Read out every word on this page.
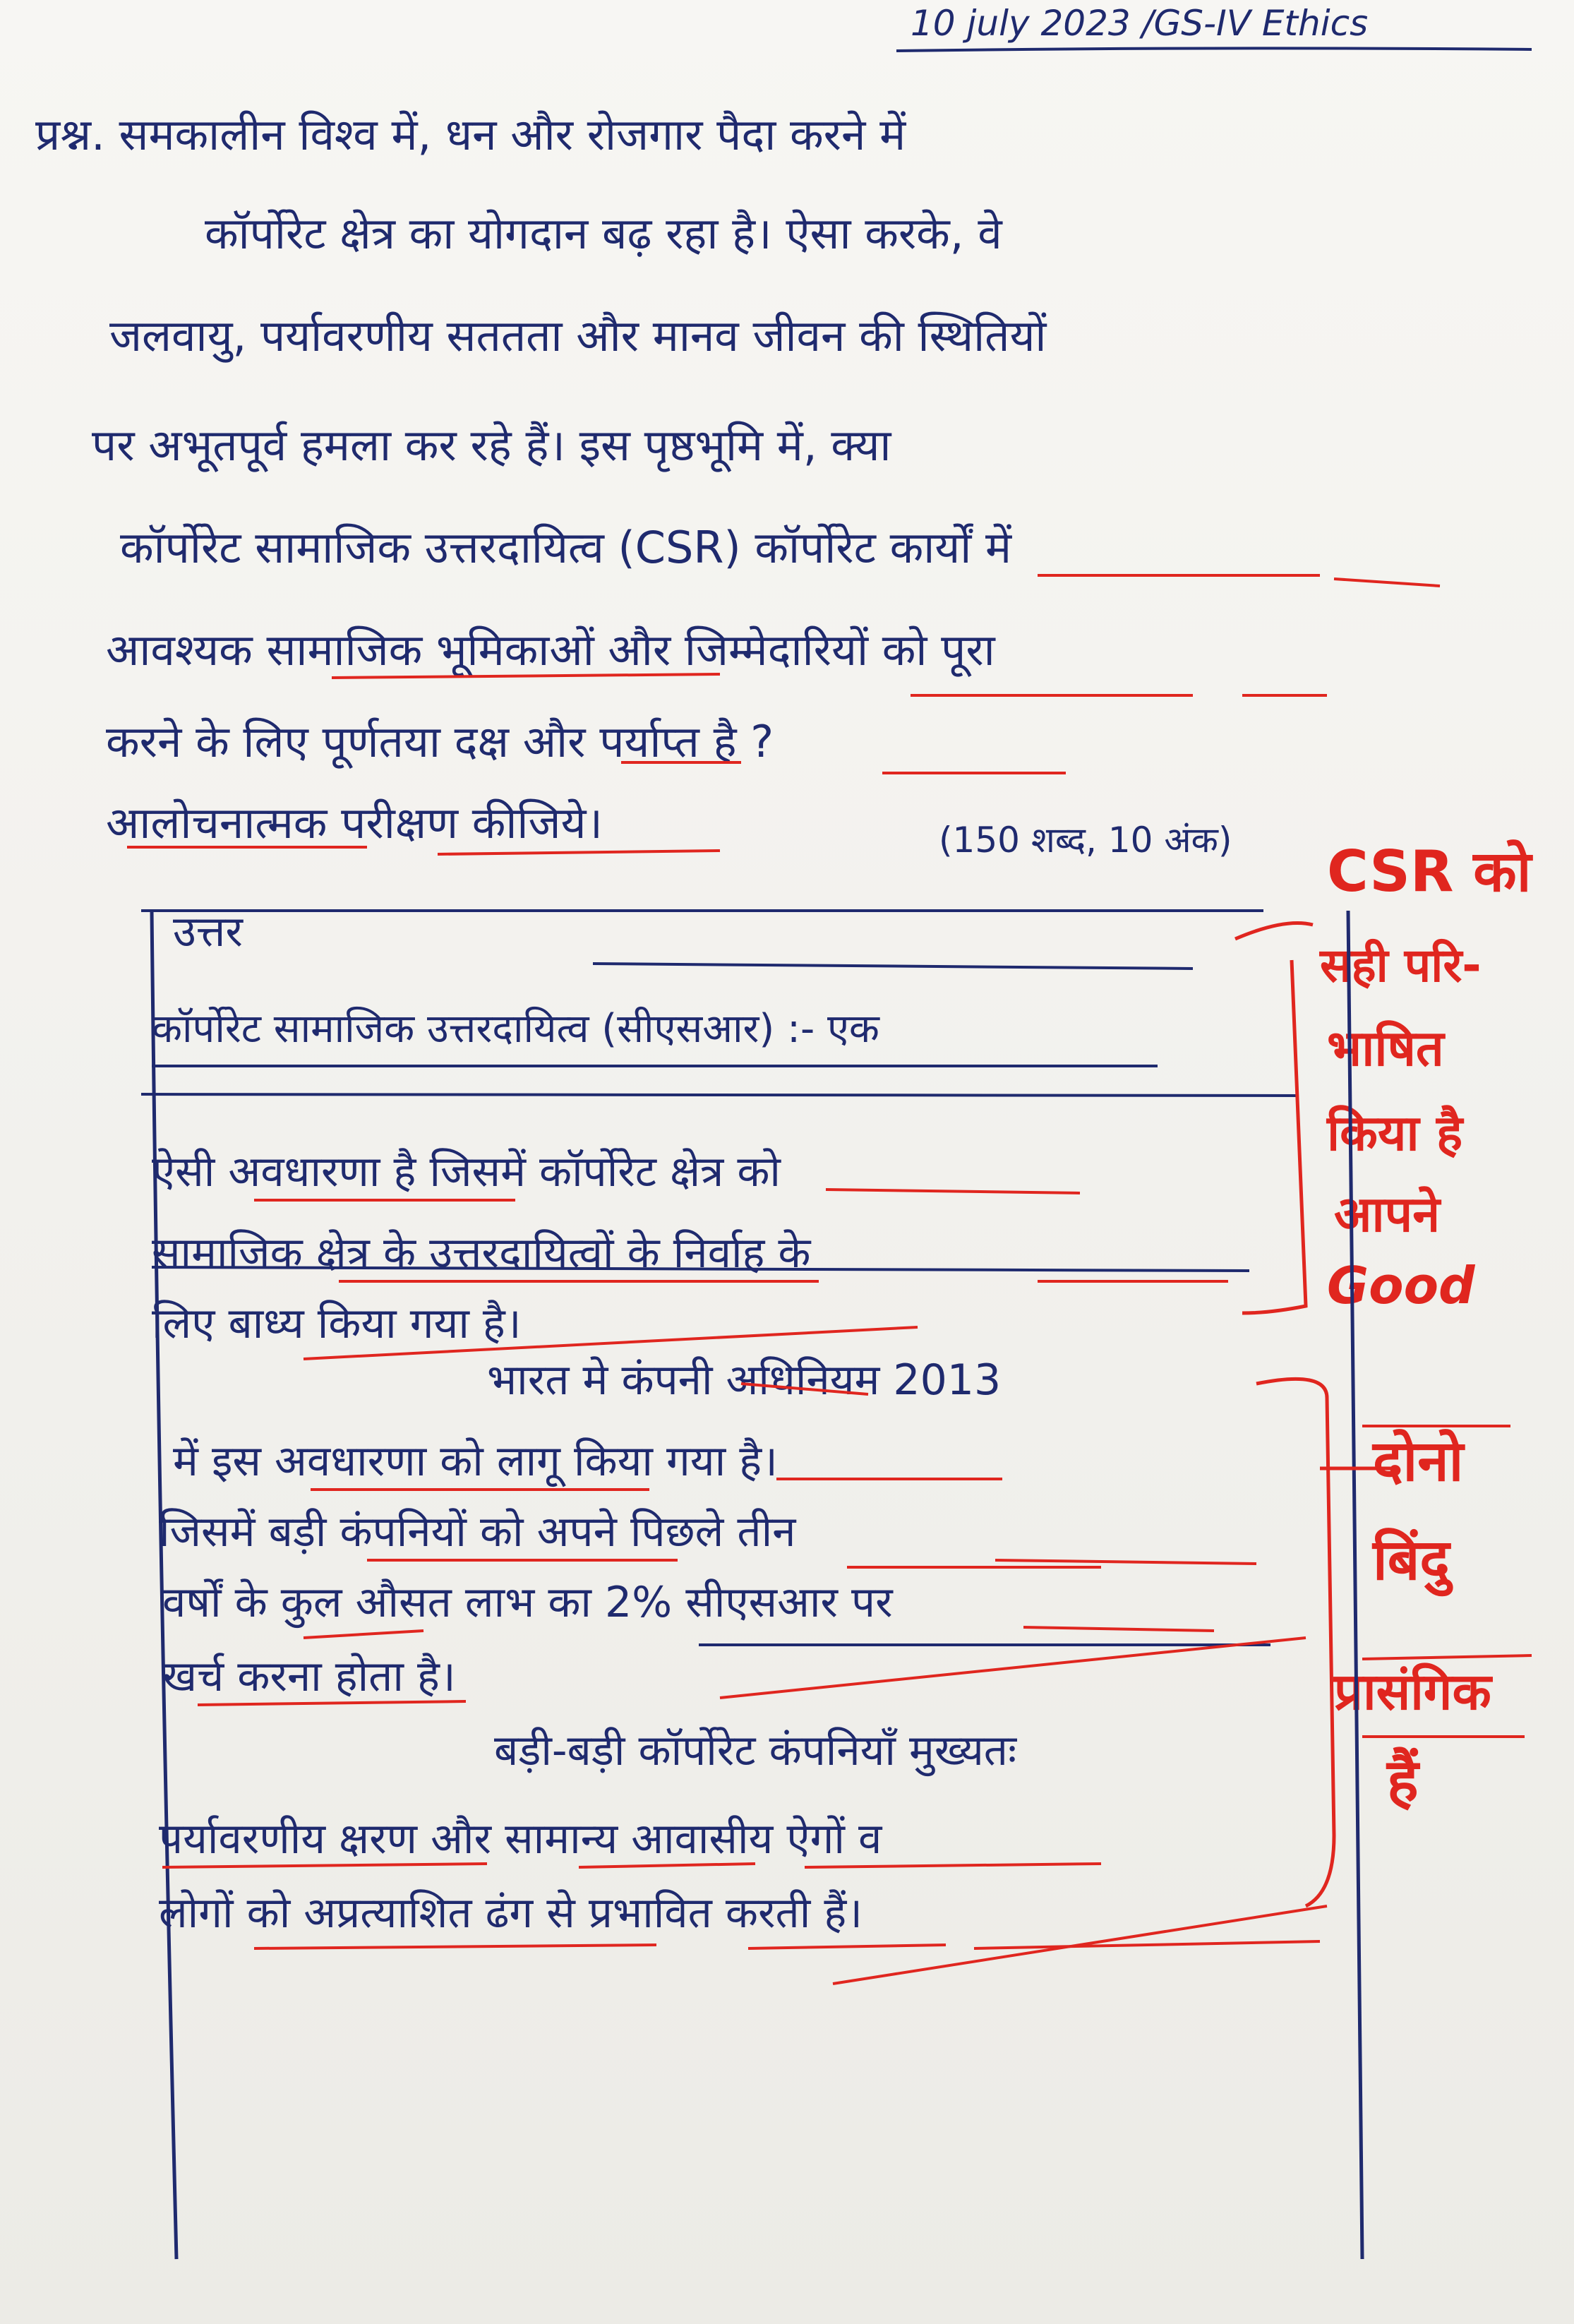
10 july 2023 /GS-IV Ethics
प्रश्न. समकालीन विश्व में, धन और रोजगार पैदा करने में
कॉर्पोरेट क्षेत्र का योगदान बढ़ रहा है। ऐसा करके, वे
जलवायु, पर्यावरणीय सततता और मानव जीवन की स्थितियों
पर अभूतपूर्व हमला कर रहे हैं। इस पृष्ठभूमि में, क्या
कॉर्पोरेट सामाजिक उत्तरदायित्व (CSR) कॉर्पोरेट कार्यों में
आवश्यक सामाजिक भूमिकाओं और जिम्मेदारियों को पूरा
करने के लिए पूर्णतया दक्ष और पर्याप्त है ?
आलोचनात्मक परीक्षण कीजिये।	(150 शब्द, 10 अंक)
उत्तर
कॉर्पोरेट सामाजिक उत्तरदायित्व (सीएसआर) :- एक
ऐसी अवधारणा है जिसमें कॉर्पोरेट क्षेत्र को
सामाजिक क्षेत्र के उत्तरदायित्वों के निर्वाह के
लिए बाध्य किया गया है।
भारत मे कंपनी अधिनियम 2013
में इस अवधारणा को लागू किया गया है।
जिसमें बड़ी कंपनियों को अपने पिछले तीन
वर्षों के कुल औसत लाभ का 2% सीएसआर पर
खर्च करना होता है।
बड़ी-बड़ी कॉर्पोरेट कंपनियाँ मुख्यतः
पर्यावरणीय क्षरण और सामान्य आवासीय ऐगों व
लोगों को अप्रत्याशित ढंग से प्रभावित करती हैं।
CSR को
सही परि-
भाषित
किया है
आपने
Good
दोनो
बिंदु
प्रासंगिक
हैं
